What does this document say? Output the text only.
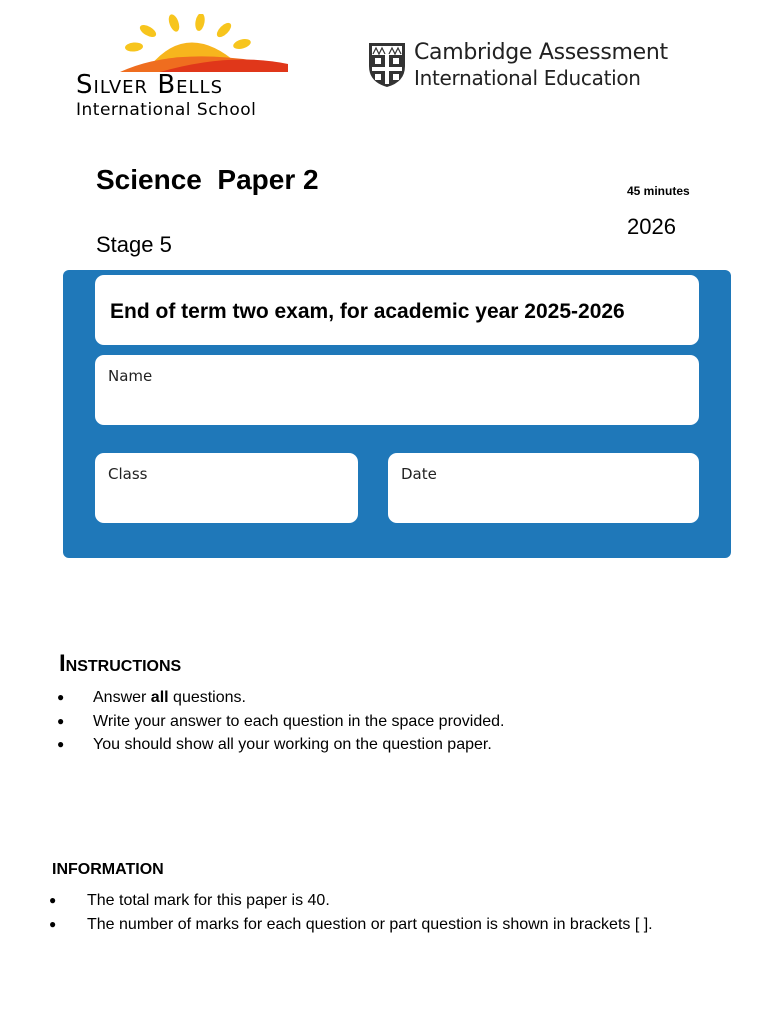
Silver Bells
International School
Cambridge Assessment
International Education
Science  Paper 2	45 minutes
2026
Stage 5
End of term two exam, for academic year 2025-2026
Name
Class	Date
INSTRUCTIONS
● Answer all questions.
● Write your answer to each question in the space provided.
● You should show all your working on the question paper.
INFORMATION
● The total mark for this paper is 40.
● The number of marks for each question or part question is shown in brackets [ ].
